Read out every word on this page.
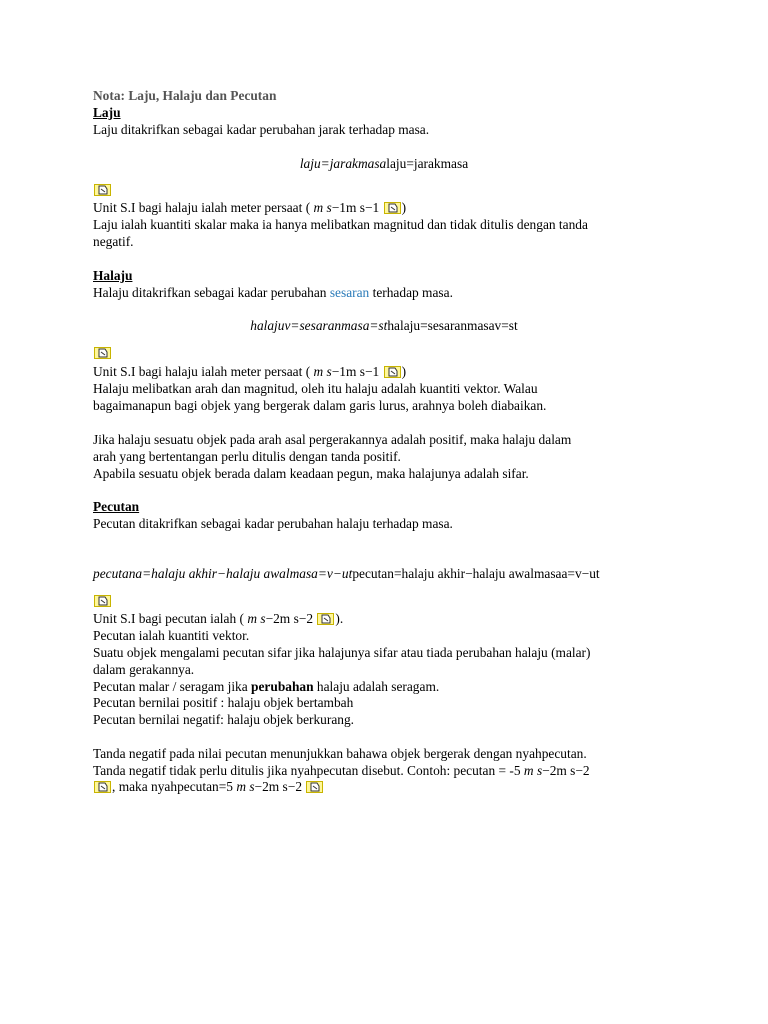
Nota: Laju, Halaju dan Pecutan
Laju
Laju ditakrifkan sebagai kadar perubahan jarak terhadap masa.
laju=jarakmasalaju=jarakmasa
Unit S.I bagi halaju ialah meter persaat ( m s−1m s−1
)
Laju ialah kuantiti skalar maka ia hanya melibatkan magnitud dan tidak ditulis dengan tanda
negatif.
Halaju
Halaju ditakrifkan sebagai kadar perubahan sesaran terhadap masa.
halajuv=sesaranmasa=sthalaju=sesaranmasav=st
Unit S.I bagi halaju ialah meter persaat ( m s−1m s−1
)
Halaju melibatkan arah dan magnitud, oleh itu halaju adalah kuantiti vektor. Walau
bagaimanapun bagi objek yang bergerak dalam garis lurus, arahnya boleh diabaikan.
Jika halaju sesuatu objek pada arah asal pergerakannya adalah positif, maka halaju dalam
arah yang bertentangan perlu ditulis dengan tanda positif.
Apabila sesuatu objek berada dalam keadaan pegun, maka halajunya adalah sifar.
Pecutan
Pecutan ditakrifkan sebagai kadar perubahan halaju terhadap masa.
pecutana=halaju akhir−halaju awalmasa=v−utpecutan=halaju akhir−halaju awalmasaa=v−ut
Unit S.I bagi pecutan ialah ( m s−2m s−2
).
Pecutan ialah kuantiti vektor.
Suatu objek mengalami pecutan sifar jika halajunya sifar atau tiada perubahan halaju (malar)
dalam gerakannya.
Pecutan malar / seragam jika perubahan halaju adalah seragam.
Pecutan bernilai positif : halaju objek bertambah
Pecutan bernilai negatif: halaju objek berkurang.
Tanda negatif pada nilai pecutan menunjukkan bahawa objek bergerak dengan nyahpecutan.
Tanda negatif tidak perlu ditulis jika nyahpecutan disebut. Contoh: pecutan = -5 m s−2m s−2
, maka nyahpecutan=5 m s−2m s−2
